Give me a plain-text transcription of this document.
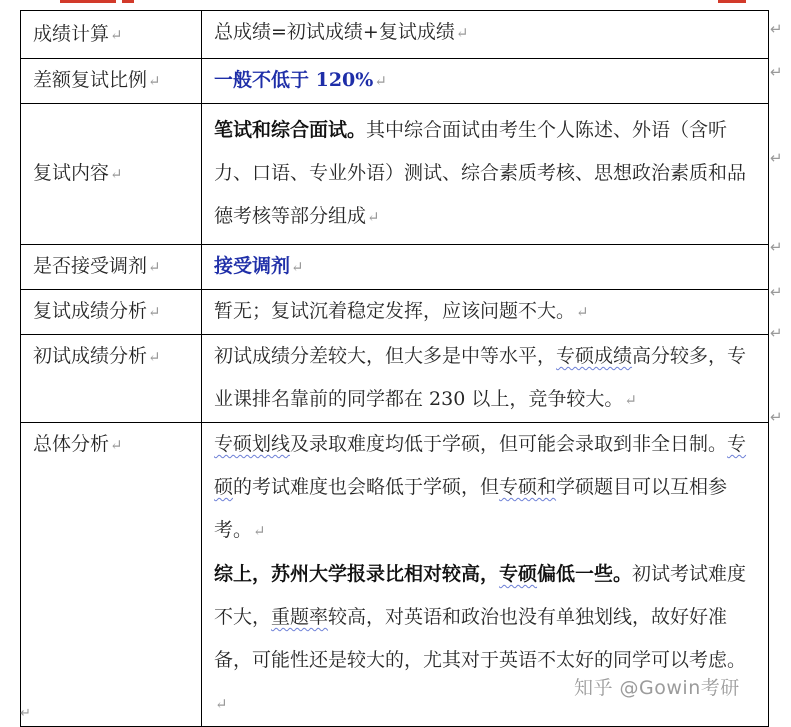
成绩计算↵	总成绩=初试成绩+复试成绩↵
差额复试比例↵	一般不低于 120%↵
复试内容↵	笔试和综合面试。其中综合面试由考生个人陈述、外语（含听力、口语、专业外语）测试、综合素质考核、思想政治素质和品德考核等部分组成↵
是否接受调剂↵	接受调剂↵
复试成绩分析↵	暂无；复试沉着稳定发挥，应该问题不大。↵
初试成绩分析↵	初试成绩分差较大，但大多是中等水平，专硕成绩高分较多，专业课排名靠前的同学都在 230 以上，竞争较大。↵
总体分析↵	专硕划线及录取难度均低于学硕，但可能会录取到非全日制。专硕的考试难度也会略低于学硕，但专硕和学硕题目可以互相参考。↵
综上，苏州大学报录比相对较高，专硕偏低一些。初试考试难度不大，重题率较高，对英语和政治也没有单独划线，故好好准备，可能性还是较大的，尤其对于英语不太好的同学可以考虑。↵
↵
↵
↵
↵
↵
↵
↵
↵
知乎 @Gowin考研
